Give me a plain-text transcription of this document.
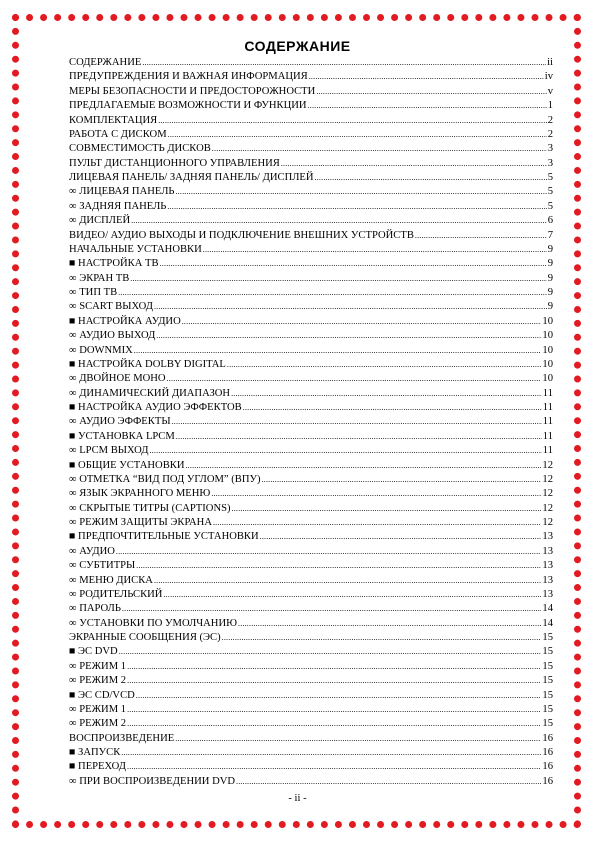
СОДЕРЖАНИЕ
СОДЕРЖАНИЕ .....	ii
ПРЕДУПРЕЖДЕНИЯ И ВАЖНАЯ ИНФОРМАЦИЯ .....	iv
МЕРЫ БЕЗОПАСНОСТИ И ПРЕДОСТОРОЖНОСТИ .....	v
ПРЕДЛАГАЕМЫЕ ВОЗМОЖНОСТИ И ФУНКЦИИ .....	1
КОМПЛЕКТАЦИЯ .....	2
РАБОТА С ДИСКОМ .....	2
СОВМЕСТИМОСТЬ ДИСКОВ .....	3
ПУЛЬТ ДИСТАНЦИОННОГО УПРАВЛЕНИЯ .....	3
ЛИЦЕВАЯ ПАНЕЛЬ/ ЗАДНЯЯ ПАНЕЛЬ/ ДИСПЛЕЙ .....	5
∞ ЛИЦЕВАЯ ПАНЕЛЬ .....	5
∞ ЗАДНЯЯ ПАНЕЛЬ .....	5
∞ ДИСПЛЕЙ .....	6
ВИДЕО/ АУДИО ВЫХОДЫ И ПОДКЛЮЧЕНИЕ ВНЕШНИХ УСТРОЙСТВ .....	7
НАЧАЛЬНЫЕ УСТАНОВКИ .....	9
■ НАСТРОЙКА ТВ .....	9
∞ ЭКРАН ТВ .....	9
∞ ТИП ТВ .....	9
∞ SCART ВЫХОД .....	9
■ НАСТРОЙКА АУДИО .....	10
∞ АУДИО ВЫХОД .....	10
∞ DOWNMIX .....	10
■ НАСТРОЙКА DOLBY DIGITAL .....	10
∞ ДВОЙНОЕ МОНО .....	10
∞ ДИНАМИЧЕСКИЙ ДИАПАЗОН .....	11
■ НАСТРОЙКА АУДИО ЭФФЕКТОВ .....	11
∞ АУДИО ЭФФЕКТЫ .....	11
■ УСТАНОВКА LPCM .....	11
∞ LPCM ВЫХОД .....	11
■ ОБЩИЕ УСТАНОВКИ .....	12
∞ ОТМЕТКА “ВИД ПОД УГЛОМ” (ВПУ) .....	12
∞ ЯЗЫК ЭКРАННОГО МЕНЮ .....	12
∞ СКРЫТЫЕ ТИТРЫ (CAPTIONS) .....	12
∞ РЕЖИМ ЗАЩИТЫ ЭКРАНА .....	12
■ ПРЕДПОЧТИТЕЛЬНЫЕ УСТАНОВКИ .....	13
∞ АУДИО .....	13
∞ СУБТИТРЫ .....	13
∞ МЕНЮ ДИСКА .....	13
∞ РОДИТЕЛЬСКИЙ .....	13
∞ ПАРОЛЬ .....	14
∞ УСТАНОВКИ ПО УМОЛЧАНИЮ .....	14
ЭКРАННЫЕ СООБЩЕНИЯ (ЭС) .....	15
■ ЭС DVD .....	15
∞ РЕЖИМ 1 .....	15
∞ РЕЖИМ 2 .....	15
■ ЭС CD/VCD .....	15
∞ РЕЖИМ 1 .....	15
∞ РЕЖИМ 2 .....	15
ВОСПРОИЗВЕДЕНИЕ .....	16
■ ЗАПУСК .....	16
■ ПЕРЕХОД .....	16
∞ ПРИ ВОСПРОИЗВЕДЕНИИ DVD .....	16
- ii -
